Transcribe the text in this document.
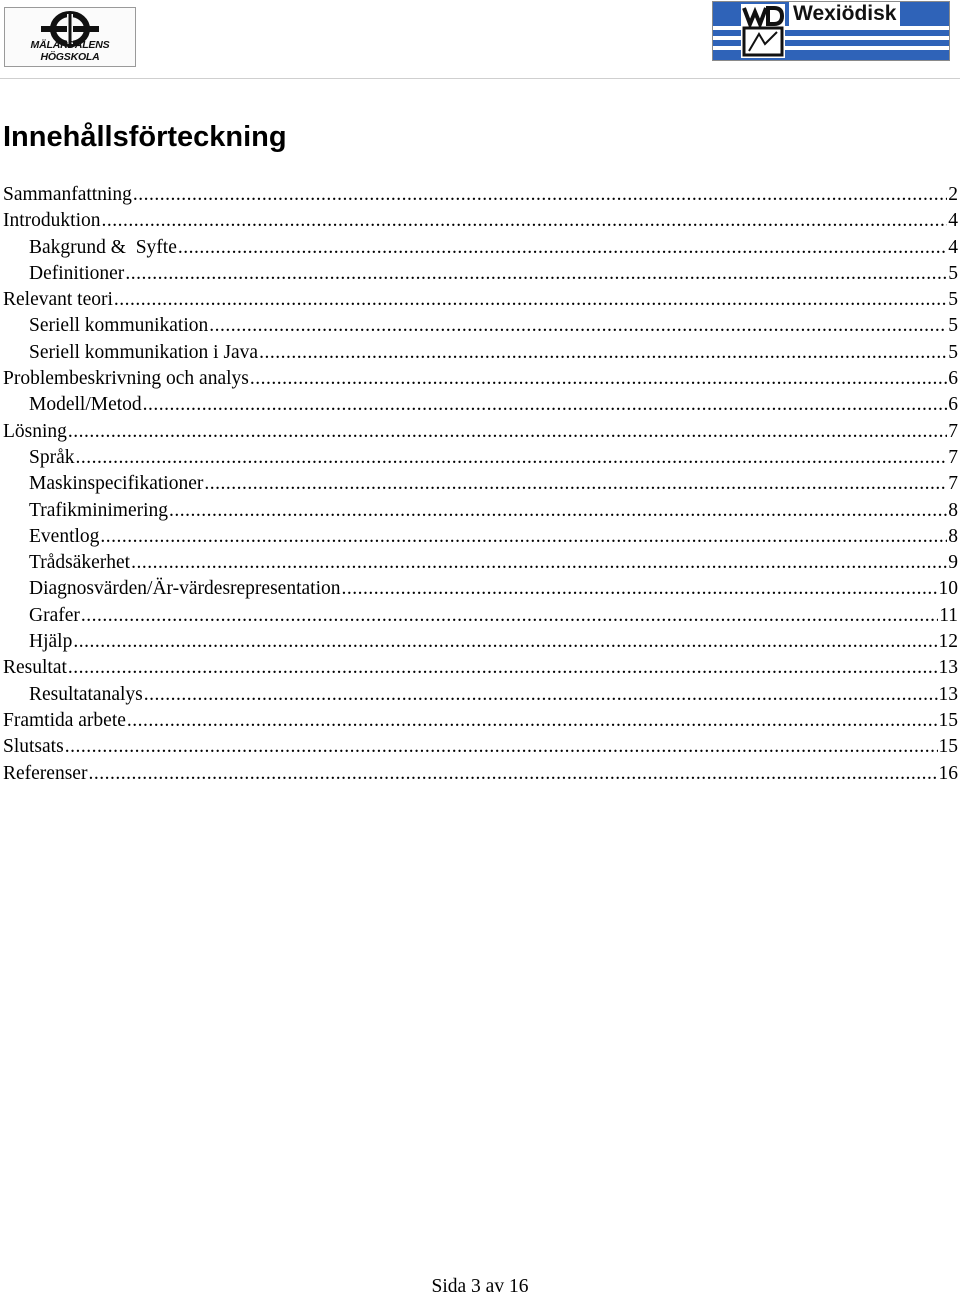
MÄLARDALENS HÖGSKOLA
Wexiödisk
Innehållsförteckning
Sammanfattning .....	2
Introduktion .....	4
Bakgrund &  Syfte .....	4
Definitioner .....	5
Relevant teori .....	5
Seriell kommunikation .....	5
Seriell kommunikation i Java .....	5
Problembeskrivning och analys .....	6
Modell/Metod .....	6
Lösning .....	7
Språk .....	7
Maskinspecifikationer .....	7
Trafikminimering .....	8
Eventlog .....	8
Trådsäkerhet .....	9
Diagnosvärden/Är-värdesrepresentation .....	10
Grafer .....	11
Hjälp .....	12
Resultat .....	13
Resultatanalys .....	13
Framtida arbete .....	15
Slutsats .....	15
Referenser .....	16
Sida 3 av 16
